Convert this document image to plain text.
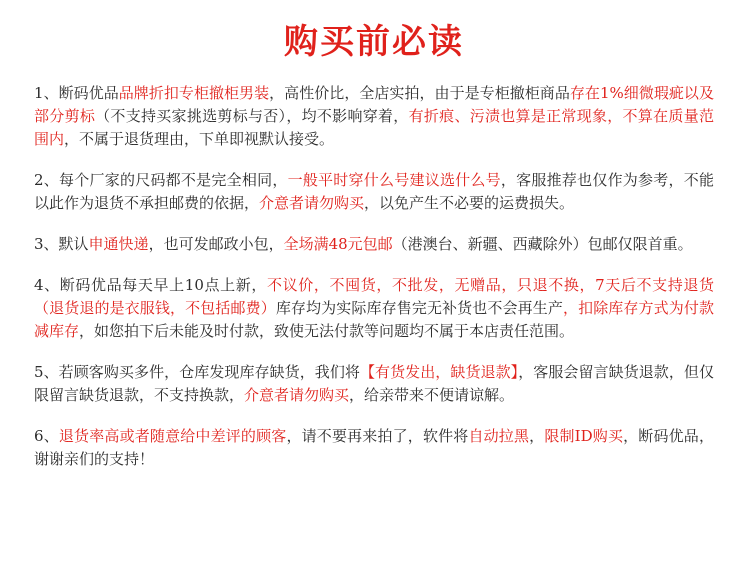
购买前必读

1、断码优品品牌折扣专柜撤柜男装，高性价比，全店实拍，由于是专柜撤柜商品存在1%细微瑕疵以及部分剪标（不支持买家挑选剪标与否），均不影响穿着，有折痕、污渍也算是正常现象，不算在质量范围内，不属于退货理由，下单即视默认接受。

2、每个厂家的尺码都不是完全相同，一般平时穿什么号建议选什么号，客服推荐也仅作为参考，不能以此作为退货不承担邮费的依据，介意者请勿购买，以免产生不必要的运费损失。

3、默认申通快递，也可发邮政小包，全场满48元包邮（港澳台、新疆、西藏除外）包邮仅限首重。

4、断码优品每天早上10点上新，不议价，不囤货，不批发，无赠品，只退不换，7天后不支持退货（退货退的是衣服钱，不包括邮费）库存均为实际库存售完无补货也不会再生产，扣除库存方式为付款减库存，如您拍下后未能及时付款，致使无法付款等问题均不属于本店责任范围。

5、若顾客购买多件，仓库发现库存缺货，我们将【有货发出，缺货退款】，客服会留言缺货退款，但仅限留言缺货退款，不支持换款，介意者请勿购买，给亲带来不便请谅解。

6、退货率高或者随意给中差评的顾客，请不要再来拍了，软件将自动拉黑，限制ID购买，断码优品，谢谢亲们的支持！
